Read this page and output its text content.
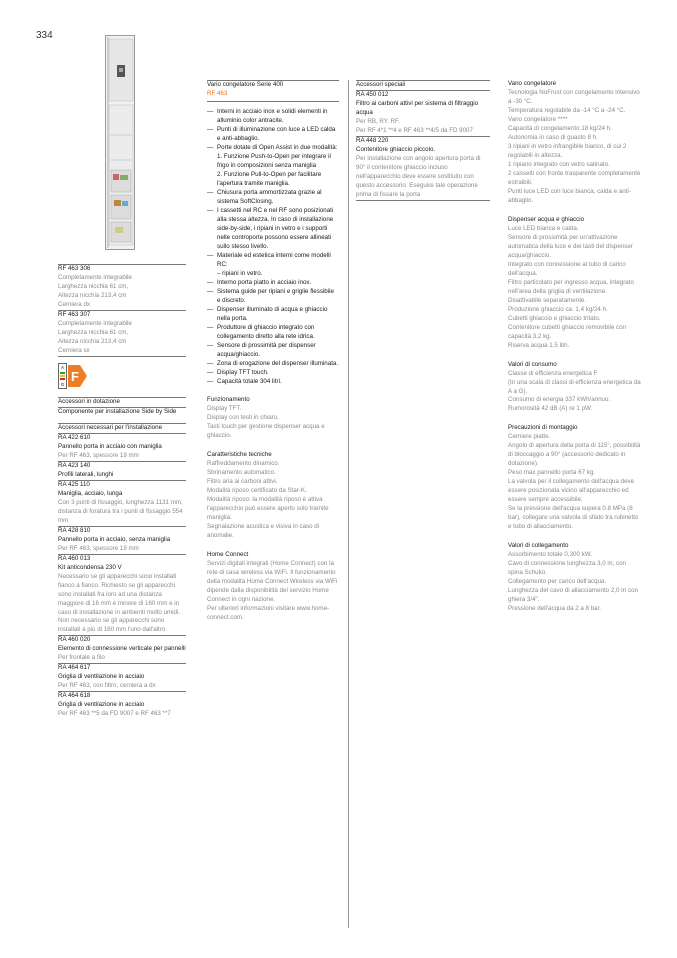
334
RF 463 306
Completamente integrabile
Larghezza nicchia 61 cm,
Altezza nicchia 213,4 cm
Cerniera dx
RF 463 307
Completamente integrabile
Larghezza nicchia 61 cm,
Altezza nicchia 213,4 cm
Cerniera sx
A
G
F
Accessori in dotazione
Componente per installazione Side by Side
Accessori necessari per l'installazione
RA 422 610
Pannello porta in acciaio con maniglia
Per RF 463, spessore 19 mm
RA 423 140
Profili laterali, lunghi
RA 425 110
Maniglia, acciaio, lunga
Con 3 punti di fissaggio, lunghezza 1131 mm, distanza di foratura tra i punti di fissaggio 554 mm
RA 428 810
Pannello porta in acciaio, senza maniglia
Per RF 463, spessore 19 mm
RA 460 013
Kit anticondensa 230 V
Necessario se gli apparecchi sono installati fianco a fianco. Richiesto se gli apparecchi sono installati fra loro ad una distanza maggiore di 16 mm e minore di 160 mm e in caso di installazione in ambienti molto umidi. Non necessario se gli apparecchi sono installati a più di 160 mm l'uno dall'altro
RA 460 020
Elemento di connessione verticale per pannelli
Per frontale a filo
RA 464 617
Griglia di ventilazione in acciaio
Per RF 463, con filtro, cerniera a dx
RA 464 618
Griglia di ventilazione in acciaio
Per RF 463 **5 da FD 9007 e RF 463 **7
Vario congelatore Serie 400
RF 463
— Interni in acciaio inox e solidi elementi in alluminio color antracite.
— Punti di illuminazione con luce a LED calda e anti-abbaglio.
— Porte dotate di Open Assist in due modalità:
1. Funzione Push-to-Open per integrare il frigo in composizioni senza maniglia
2. Funzione Pull-to-Open per facilitare l'apertura tramite maniglia.
— Chiusura porta ammortizzata grazie al sistema SoftClosing.
— I cassetti nel RC e nel RF sono posizionati alla stessa altezza. In caso di installazione side-by-side, i ripiani in vetro e i supporti nelle controporte possono essere allineati sullo stesso livello.
— Materiale ed estetica interni come modelli RC:
– ripiani in vetro.
— Interno porta piatto in acciaio inox.
— Sistema guide per ripiani e griglie flessibile e discreto.
— Dispenser illuminato di acqua e ghiaccio nella porta.
— Produttore di ghiaccio integrato con collegamento diretto alla rete idrica.
— Sensore di prossimità per dispenser acqua/ghiaccio.
— Zona di erogazione del dispenser illuminata.
— Display TFT touch.
— Capacità totale 304 litri.
Funzionamento
Display TFT.
Display con testi in chiaro.
Tasti touch per gestione dispenser acqua e ghiaccio.
Caratteristiche tecniche
Raffreddamento dinamico.
Sbrinamento automatico.
Filtro aria ai carboni attivi.
Modalità riposo certificato da Star-K.
Modalità riposo: la modalità riposo è attiva l'apparecchio può essere aperto solo tramite maniglia.
Segnalazione acustica e visiva in caso di anomalie.
Home Connect
Servizi digitali integrati (Home Connect) con la rete di casa wireless via WiFi. Il funzionamento della modalità Home Connect Wireless via WiFi dipende dalla disponibilità del servizio Home Connect in ogni nazione.
Per ulteriori informazioni visitare www.home-connect.com.
Accessori speciali
RA 450 012
Filtro ai carboni attivi per sistema di filtraggio acqua
Per RB, RY, RF.
Per RF 4*1 **4 e RF 463 **4/5 da FD 9007
RA 448 220
Contenitore ghiaccio piccolo.
Per installazione con angolo apertura porta di 90° il contenitore ghiaccio incluso nell'apparecchio deve essere sostituito con questo accessorio. Eseguire tale operazione prima di fissare la porta
Vano congelatore
Tecnologia NoFrost con congelamento intensivo a -30 °C.
Temperatura regolabile da -14 °C a -24 °C.
Vano congelatore ****
Capacità di congelamento 18 kg/24 h.
Autonomia in caso di guasto 8 h.
3 ripiani in vetro infrangibile bianco, di cui 2 regolabili in altezza.
1 ripiano integrato con vetro satinato.
2 cassetti con fronte trasparente completamente estraibili.
Punti luce LED con luce bianca, calda e anti-abbaglio.
Dispenser acqua e ghiaccio
Luce LED bianca e calda.
Sensore di prossimità per un'attivazione automatica della luce e dei tasti del dispenser acqua/ghiaccio.
Integrato con connessione al tubo di carico dell'acqua.
Filtro particolato per ingresso acqua, integrato nell'area della griglia di ventilazione.
Disattivabile separatamente.
Produzione ghiaccio ca. 1,4 kg/24 h.
Cubetti ghiaccio e ghiaccio tritato.
Contenitore cubetti ghiaccio removibile con capacità 3,2 kg.
Riserva acqua 1,5 litri.
Valori di consumo
Classe di efficienza energetica F
(In una scala di classi di efficienza energetica da A a G).
Consumo di energia 337 kWh/annuo.
Rumorosità 42 dB (A) re 1 pW.
Precauzioni di montaggio
Cerniere piatte.
Angolo di apertura della porta di 115°, possibilità di bloccaggio a 90° (accessorio dedicato in dotazione).
Peso max pannello porta 67 kg.
La valvola per il collegamento dell'acqua deve essere posizionata vicino all'apparecchio ed essere sempre accessibile.
Se la pressione dell'acqua supera 0.8 MPa (8 bar), collegare una valvola di sfiato tra rubinetto e tubo di allacciamento.
Valori di collegamento
Assorbimento totale 0,300 kW.
Cavo di connessione lunghezza 3,0 m, con spina Schuko.
Collegamento per carico dell'acqua.
Lunghezza del cavo di allacciamento 2,0 m con ghiera 3/4".
Pressione dell'acqua da 2 a 8 bar.
